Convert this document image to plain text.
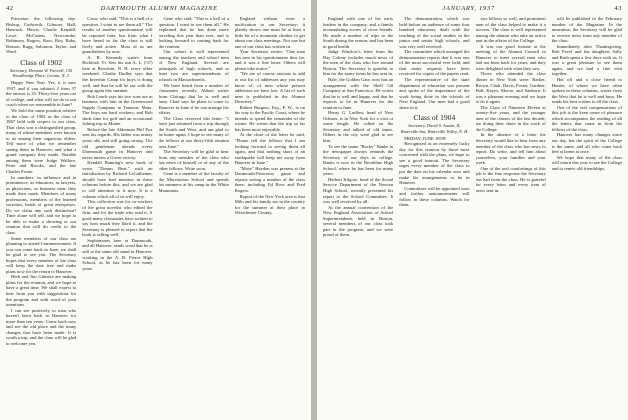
42	DARTMOUTH ALUMNI MAGAZINE

Princeton the following day: Bishop, Codworth, Gilmore, Hall, Hancock, Harris, Charlie Kendall, Lowe, McCarten, Newcombe, Robinson, Rogers, Ross, Roy, Ruby, Reason, Rugg, Salomon, Taylor, and Ward.

Class of 1902
Secretary, Herman W. Farwell, 130 Woodbridge Place, Leonia, N. J.

Happy New Year. Yes, it is now 1937, and if you subtract 2 from 37 the answer is 35. Thirty-five years out of college, and what will we do to our coach when we reassemble in June?

We hold the same position relative to the class of 1902 as the class of 1867 held with respect to our class. That class was a distinguished group, many of whose members were known to us among their sagacious elders. Tell more of what we remember seeing them in Hanover, and what a grand company they made. Notable among them were Judge Wallace, Peter and Brooks, and the late Charles Foster.

In numbers, in influence and in prominence, as educators, as lawyers, as physicians, as business men, they made their mark. Members of many professions, members of the learned societies, heads of great enterprises. Do we claim any such distinction? Time alone will tell, and we hope to be able to make a showing at our reunion that will do credit to the class.

Some members of our class are planning to attend Commencement. If you can come back in June, we shall be glad to see you. The Secretary hopes that every member of the class will keep the date free and make plans now for the return to Hanover.

Herb and Jim Gilmore are making plans for the reunion, and we hope to have a great time. We shall expect to hear from you with suggestions for the program and with word of your intentions.

I can see positively to man who haven't been back to Hanover for more than ten years. Come back now and see the old place and the many changes that have been made. It is worth a trip, and the class will be glad to welcome you.

Grow, who said, "This is a hell of a question. I want to see them all." The results of another questionnaire will be reported later, but from what I have heard so far the class is still lively and active. Most of us are grandfathers by now.

A. R. Kennedy writes from Richford, Vt. Sets his son A. L. ('37) here at Bowdoin. N. H. every other weekend. Charlie Dudley says that the Inverfair Camp for boys is doing well, and that he will be out with the group again this summer.

Bob Leach says his two sons are in business with him in the Greenwood Supply Company in Taunton, Mass. The boys are hard workers, and Bob finds time for golf and an occasional fishing trip to Maine.

Before the late Alderman Phil Fox sent his regards. His father was ninety years old, and still going strong. The old gentleman attends every Dartmouth game in Hanover and never misses a Green victory.

Kendall Banning's new book of verse, "Dream Beat," with an introduction by Richard LeGallienne, should have had mention in these columns before this, and we are glad to call attention to it now. It is a volume which all of us will enjoy.

This collection was for co-workers of the great novelist who edited the firm, and for the trade who read it. A good many classmates have written to say how much they liked it, and the Secretary is pleased to report that the book is selling well.

Sophomores here at Dartmouth, and all Hanover, sends word that he is still at the same old stand in Hanover, working in the A. B. Pierce High School, as he has been for many years.

Gene who said, "This is a hell of a question. I want to see them all." He explained that he has done more traveling this year than ever, and is looking forward to coming back for the reunion.

Our cohort is well represented among the teachers and school men of New England. Several are principals of high schools, and at least two are superintendents of schools in Massachusetts.

We have heard from a number of classmates recently. Abbott writes from Chicago that he is well and busy. Chad says he plans to come to Hanover in June if he can arrange his affairs.

The Class received this letter: "I have just returned from a trip through the South and West, and am glad to be home again. I hope to see many of the fellows at our thirty-fifth reunion next June."

The Secretary will be glad to hear from any member of the class who has news of himself or of any of the other fellows. Write soon.

Gene is a member of the faculty of the Morristown School and spends his summers at his camp in the White Mountains.

England without even a notification to our Secretary; it plainly shows one must be at least a little bit of a mountain climber to get about our class meetings. Not one but one of our class has written in.

Your Secretary writes: "One man has sent in his questionnaire thus far, and it was a fine letter. Others will please take notice."

"We are of course anxious to add to our list of addresses any you may know of, of men whose present addresses we have lost. A list of such men is published in the Alumni Directory."

Robert Burgess, Esq., P. W., is on his way to the Pacific Coast, where he intends to spend the remainder of the winter. He writes that the trip so far has been most enjoyable.

At the close of the letter he said, "Please tell the fellows that I am looking forward to seeing them all again, and that nothing short of an earthquake will keep me away from Hanover in June."

"Mose" Hayden was present at the Dartmouth-Princeton game and reports seeing a number of the class there, including Ed Ross and Fred Rogers.

Report of the New York area is that Milo and his family are in the country for the summer at their place in Westchester County.

JANUARY, 1937	43

England with one of his early leaders in the company, and a family accumulating scores of close friends. He made a number of trips to the South during the season, and has been in good health.

Judge Winslow's letter from the Bay Colony includes much news of the men of the class who live around Boston. The Secretary is grateful to him for the many items he has sent in.

Hale, the Golden Gate, now has an arrangement with the Shell Oil Company at San Francisco. He writes that he is well and happy, and that he expects to be in Hanover for the reunion in June.

Henry G. Ludlow, head of New Orleans, is in New York for a visit of some length. He called on the Secretary and talked of old times. Others in the city were glad to see him.

To see the name "Rocky" Banks in the newspaper always reminds the Secretary of our days in college. Banks is now in the Brookline High School, where he has been for many years.

Herbert Kilgore, head of the Social Service Department of the Newton High School, recently presented his report to the School Committee. It was well received by all.

At the annual convention of the New England Association of School Superintendents held in Boston, several members of our class took part in the program, and we were proud of them.

The demonstration, which was held before an audience of some four hundred educators, dealt with the teaching of the social studies in the junior and senior high schools, and was very well received.

The committee which arranged the demonstration reports that it was one of the most successful ever held, and that many requests have been received for copies of the papers read.

The representative of the state department of education was present and spoke of the importance of the work being done in the schools of New England. Our men had a good share in it.

Class of 1904
Secretary, David S. Austin, II, Waterville Inn, Waterville Valley, N. H.

FRIDAY, JUNE 18TH

Recognized as an extremely lucky day for this reunion by those most concerned with the plans, we hope to see a good turnout. The Secretary urges every member of the class to put the date on his calendar now and make his arrangements to be in Hanover.

Committees will be appointed soon and further announcements will follow in these columns. Watch for them.

tors fellows so well, and prominent men of the class helped to make it a success. The class is well represented among the alumni who take an active part in the affairs of the College.

It was our good fortune at the meeting of the Alumni Council in Hanover to meet several men who had not been back for years, and they were delighted with what they saw.

Those who attended the class dinner in New York were: Barker, Brown, Clark, Davis, Foster, Gardner, Hall, Keyes, Moore, and Sanborn. It was a pleasant evening and we hope to do it again.

The Class of Nineteen Eleven at twenty-five years, and the younger men of the classes of the last decade, are doing their share in the work of the College.

In the absence of a letter the Secretary would like to hear from any member of the class who has news to report. Do write, and tell him about yourselves, your families and your work.

One of the real comfortings of this job is the fine response the Secretary has had from the class. He is grateful for every letter and every item of news sent in.

will be published in the February number of the Magazine. In the meantime, the Secretary will be glad to receive news from any member of the class.

Immediately after Thanksgiving, Bob Pavel and his daughters Sally and Ruth spent a few days with us. It was a great pleasure to see them again, and we had a fine visit together.

Hut off and a close friend to Hunter, of whom we have often spoken in these columns, writes from the West that he is well and busy. He sends his best wishes to all the class.

One of the real compensations of this job is the keen sense of pleasure which accompanies the reading of all the letters that come in from the fellows of the class.

Hanover has many changes since our day, but the spirit of the College is the same, and all who come back feel at home at once.

We hope that many of the class will return this year to see the College and to renew old friendships.
